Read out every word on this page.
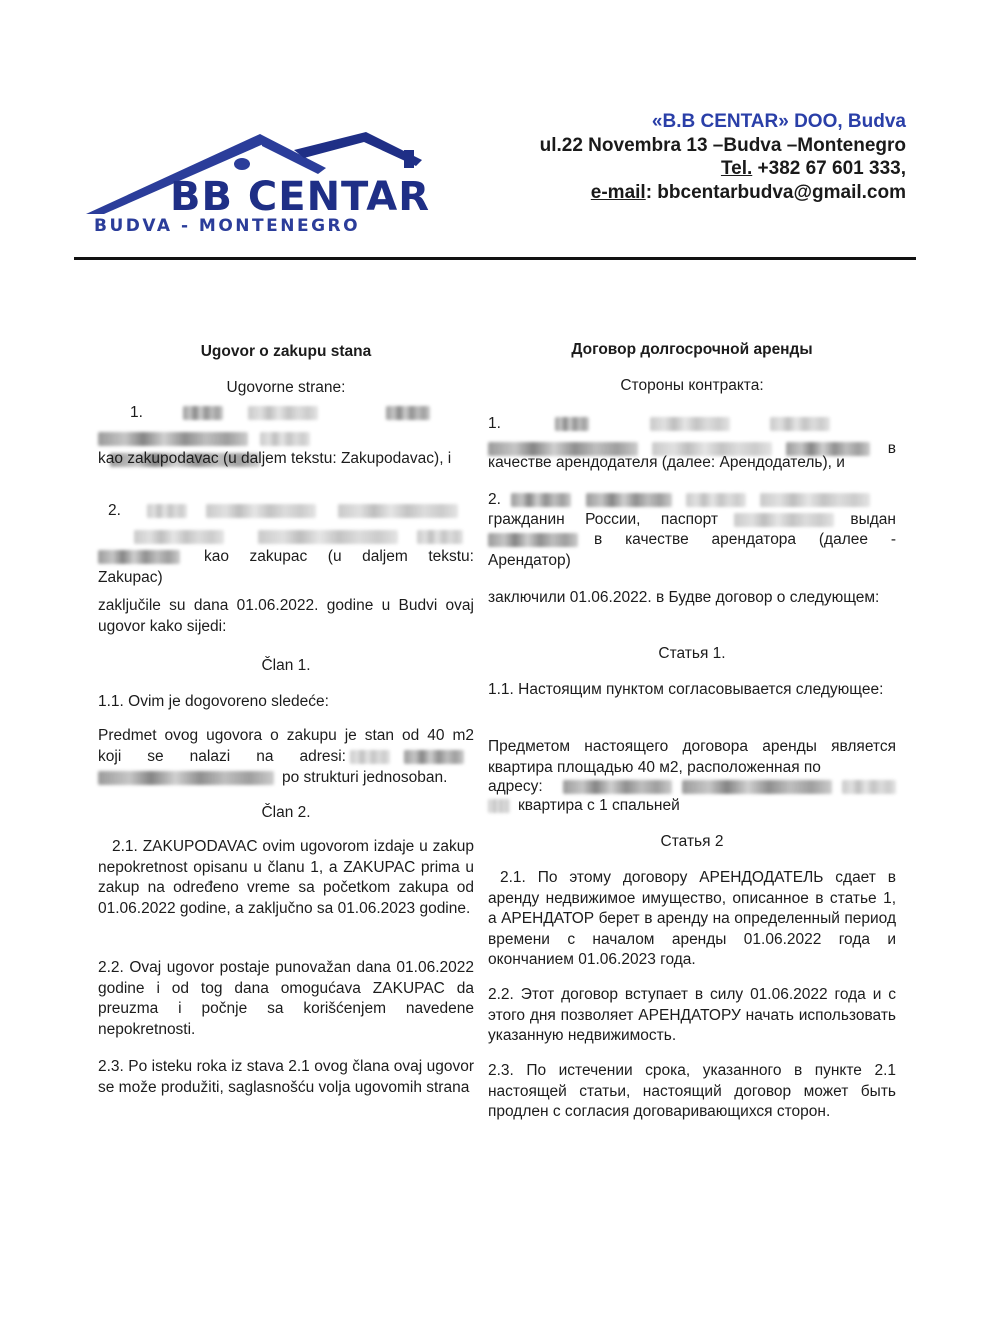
BB CENTAR
BUDVA - MONTENEGRO
«B.B CENTAR» DOO, Budva
ul.22 Novembra 13 –Budva –Montenegro
Tel. +382 67 601 333,
e-mail: bbcentarbudva@gmail.com

Ugovor o zakupu stana

Ugovorne strane:

1.

kao zakupodavac (u daljem tekstu: Zakupodavac), i

2.

kao zakupac (u daljem tekstu:

Zakupac)

zaključile su dana 01.06.2022. godine u Budvi ovaj ugovor kako sijedi:

Član 1.

1.1. Ovim je dogovoreno sledeće:

Predmet ovog ugovora o zakupu je stan od 40 m2

koji se nalazi na adresi:
po strukturi jednosoban.

Član 2.

2.1. ZAKUPODAVAC ovim ugovorom izdaje u zakup nepokretnost opisanu u članu 1, a ZAKUPAC prima u zakup na određeno vreme sa početkom zakupa od 01.06.2022 godine, a zaključno sa 01.06.2023 godine.

2.2. Ovaj ugovor postaje punovažan dana 01.06.2022 godine i od tog dana omogućava ZAKUPAC da preuzma i počnje sa korišćenjem navedene nepokretnosti.

2.3. Po isteku roka iz stava 2.1 ovog člana ovaj ugovor se može produžiti, saglasnošću volja ugovomih strana

Договор долгосрочной аренды

Стороны контракта:

1.
в

качестве арендодателя (далее: Арендодатель), и

2.
гражданин России, паспорт	выдан
в качестве арендатора (далее -

Арендатор)

заключили 01.06.2022. в Будве договор о следующем:

Статья 1.

1.1. Настоящим пунктом согласовывается следующее:

Предметом настоящего договора аренды является квартира площадью 40 м2, расположенная по

адресу:
квартира с 1 спальней

Статья 2

2.1. По этому договору АРЕНДОДАТЕЛЬ сдает в аренду недвижимое имущество, описанное в статье 1, а АРЕНДАТОР берет в аренду на определенный период времени с началом аренды 01.06.2022 года и окончанием 01.06.2023 года.

2.2. Этот договор вступает в силу 01.06.2022 года и с этого дня позволяет АРЕНДАТОРУ начать использовать указанную недвижимость.

2.3. По истечении срока, указанного в пункте 2.1 настоящей статьи, настоящий договор может быть продлен с согласия договаривающихся сторон.
